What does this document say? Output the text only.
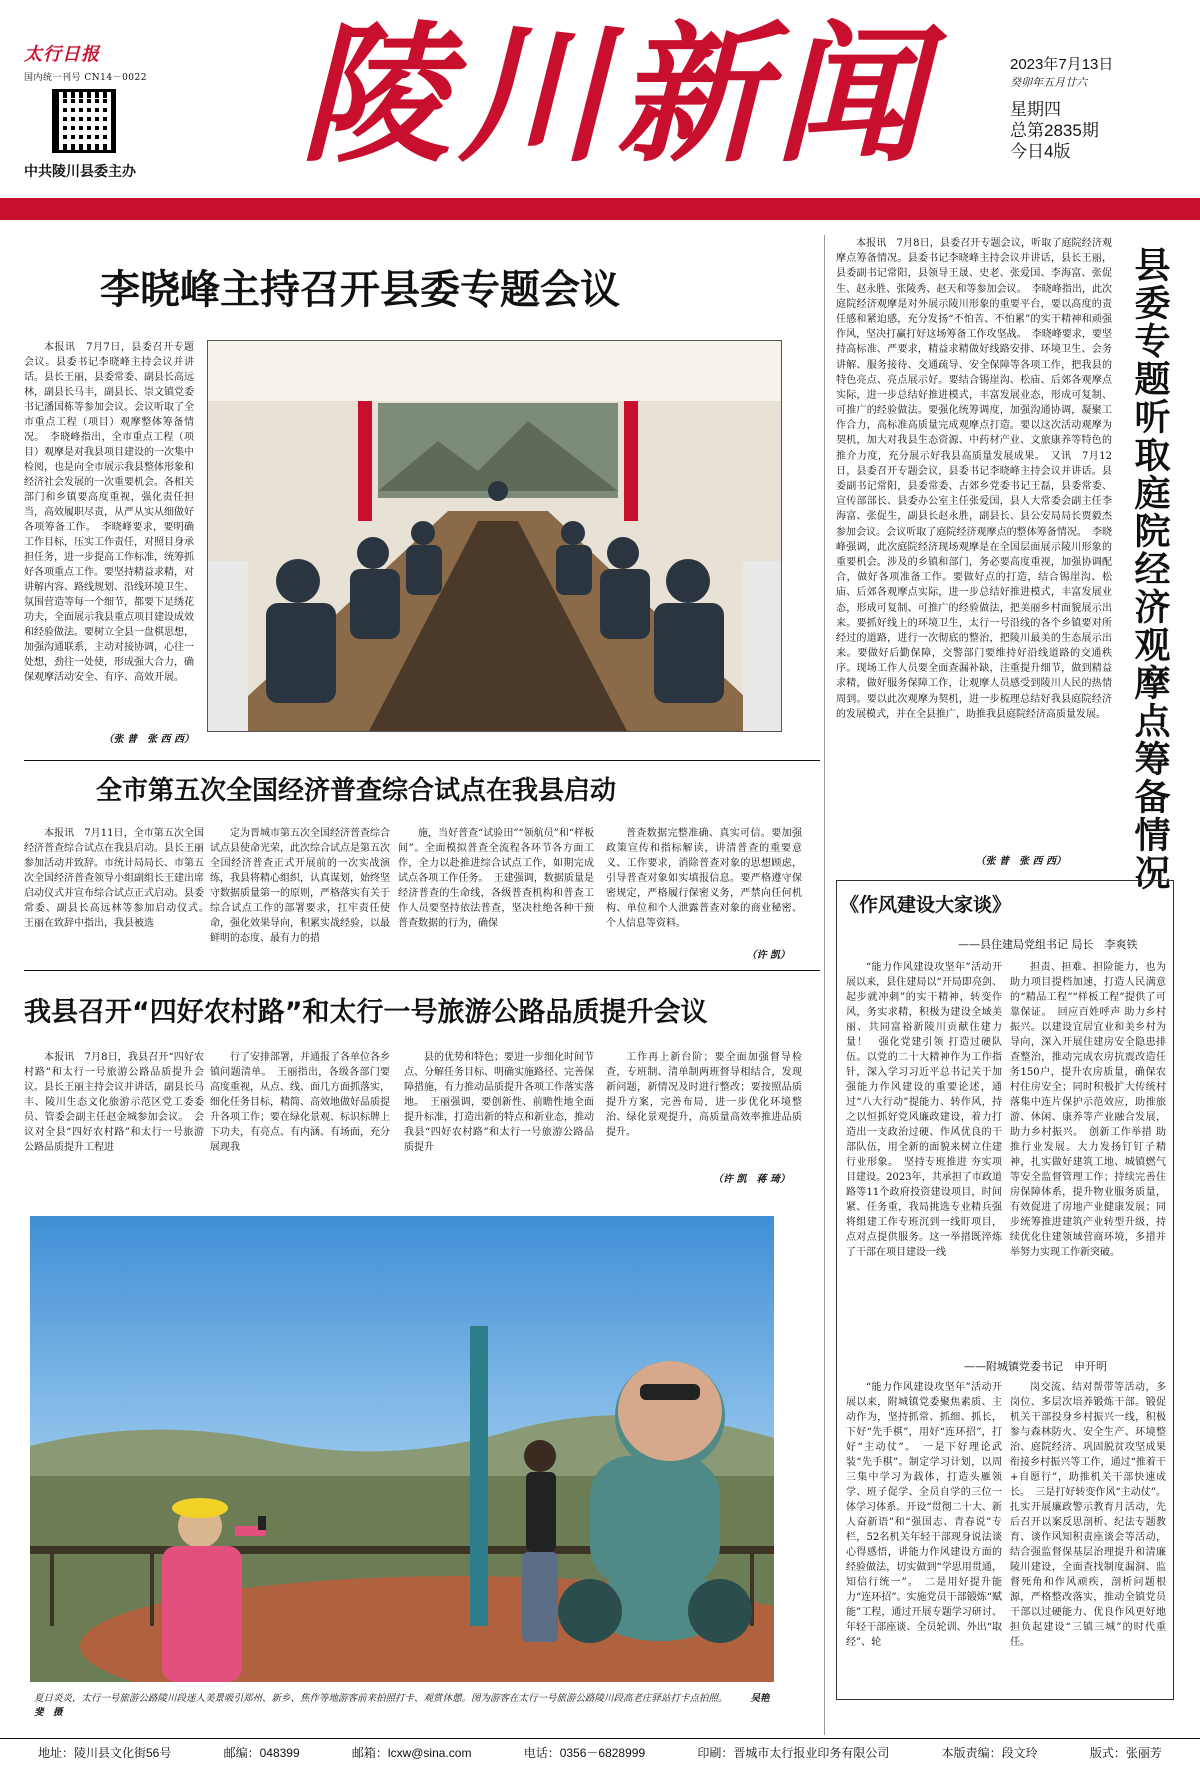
太行日报
国内统一刊号 CN14－0022
中共陵川县委主办 陵川新闻	2023年7月13日
癸卯年五月廿六
星期四
总第2835期
今日4版
李晓峰主持召开县委专题会议

本报讯　7月7日，县委召开专题会议。县委书记李晓峰主持会议并讲话。县长王丽，县委常委、副县长高远林，副县长马丰，副县长、崇文镇党委书记潘国栋等参加会议。会议听取了全市重点工程（项目）观摩整体筹备情况。　李晓峰指出，全市重点工程（项目）观摩是对我县项目建设的一次集中检阅，也是向全市展示我县整体形象和经济社会发展的一次重要机会。各相关部门和乡镇要高度重视，强化责任担当，高效履职尽责，从严从实从细做好各项筹备工作。　李晓峰要求，要明确工作目标，压实工作责任，对照目身承担任务，进一步提高工作标准，统筹抓好各项重点工作。要坚持精益求精，对讲解内容、路线规划、沿线环境卫生、氛围营造等每一个细节，都要下足绣花功夫，全面展示我县重点项目建设成效和经验做法。要树立全县一盘棋思想，加强沟通联系，主动对接协调，心往一处想，劲往一处使，形成强大合力，确保观摩活动安全、有序、高效开展。

（张 普　张 西 西）
全市第五次全国经济普查综合试点在我县启动

本报讯　7月11日，全市第五次全国经济普查综合试点在我县启动。县长王丽参加活动并致辞。市统计局局长、市第五次全国经济普查领导小组副组长王建出席启动仪式并宣布综合试点正式启动。县委常委、副县长高远林等参加启动仪式。　王丽在致辞中指出，我县被选

定为晋城市第五次全国经济普查综合试点县使命光荣，此次综合试点是第五次全国经济普查正式开展前的一次实战演练，我县将精心组织，认真谋划，始终坚守数据质量第一的原则，严格落实有关于综合试点工作的部署要求，扛牢责任使命，强化效果导向，积累实战经验，以最鲜明的态度、最有力的措

施，当好普查“试验田”“领航员”和“样板间”。全面模拟普查全流程各环节各方面工作，全力以赴推进综合试点工作，如期完成试点各项工作任务。　王建强调，数据质量是经济普查的生命线，各级普查机构和普查工作人员要坚持依法普查，坚决杜绝各种干预普查数据的行为，确保

普查数据完整准确、真实可信。要加强政策宣传和指标解读，讲清普查的重要意义、工作要求，消除普查对象的思想顾虑，引导普查对象如实填报信息。要严格遵守保密规定，严格履行保密义务，严禁向任何机构、单位和个人泄露普查对象的商业秘密、个人信息等资料。

（许 凯）
我县召开“四好农村路”和太行一号旅游公路品质提升会议

本报讯　7月8日，我县召开“四好农村路”和太行一号旅游公路品质提升会议。县长王丽主持会议并讲话，副县长马丰、陵川生态文化旅游示范区党工委委员、管委会副主任赵金城参加会议。　会议对全县“四好农村路”和太行一号旅游公路品质提升工程进

行了安排部署，并通报了各单位各乡镇问题清单。　王丽指出，各级各部门要高度重视，从点、线、面几方面抓落实，细化任务目标，精简、高效地做好品质提升各项工作；要在绿化景观、标识标牌上下功夫，有亮点、有内涵、有场面，充分展现我

县的优势和特色；要进一步细化时间节点、分解任务目标、明确实施路径、完善保障措施，有力推动品质提升各项工作落实落地。　王丽强调，要创新性、前瞻性地全面提升标准，打造出新的特点和新业态，推动我县“四好农村路”和太行一号旅游公路品质提升

工作再上新台阶；要全面加强督导检查，专班制、清单制两班督导相结合，发现新问题，新情况及时进行整改；要按照品质提升方案，完善布局，进一步优化环境整治、绿化景观提升，高质量高效率推进品质提升。

（许 凯　蒋 琦）
夏日炎炎，太行一号旅游公路陵川段迷人美景吸引郑州、新乡、焦作等地游客前来拍照打卡、观赏休憩。图为游客在太行一号旅游公路陵川段高老庄驿站打卡点拍照。 吴艳斐　摄

本报讯　7月8日，县委召开专题会议，听取了庭院经济观摩点筹备情况。县委书记李晓峰主持会议并讲话，县长王丽，县委副书记常阳，县领导王晟、史老、张爱国、李海富、张促生、赵永胜、张陵秀、赵天和等参加会议。　李晓峰指出，此次庭院经济观摩是对外展示陵川形象的重要平台，要以高度的责任感和紧迫感，充分发扬“不怕苦、不怕累”的实干精神和顽强作风，坚决打赢打好这场筹备工作攻坚战。　李晓峰要求，要坚持高标准、严要求，精益求精做好线路安排、环境卫生、会务讲解、服务接待、交通疏导、安全保障等各项工作，把我县的特色亮点、亮点展示好。要结合锡崖沟、松庙、后郊各观摩点实际，进一步总结好推进模式，丰富发展业态，形成可复制、可推广的经验做法。要强化统筹调度，加强沟通协调，凝聚工作合力，高标准高质量完成观摩点打造。要以这次活动观摩为契机，加大对我县生态资源、中药材产业、文旅康养等特色的推介力度，充分展示好我县高质量发展成果。　又讯　7月12日，县委召开专题会议，县委书记李晓峰主持会议并讲话。县委副书记常阳，县委常委、古郊乡党委书记王磊，县委常委、宣传部部长、县委办公室主任张爱国，县人大常委会副主任李海富、张促生，副县长赵永胜，副县长、县公安局局长贾毅杰参加会议。会议听取了庭院经济观摩点的整体筹备情况。　李晓峰强调，此次庭院经济现场观摩是在全国层面展示陵川形象的重要机会。涉及的乡镇和部门，务必要高度重视，加强协调配合，做好各项准备工作。要做好点的打造，结合锡崖沟、松庙、后郊各观摩点实际，进一步总结好推进模式，丰富发展业态，形成可复制、可推广的经验做法，把美丽乡村面貌展示出来。要抓好线上的环境卫生，太行一号沿线的各个乡镇要对所经过的道路，进行一次彻底的整治，把陵川最美的生态展示出来。要做好后勤保障，交警部门要维持好沿线道路的交通秩序。现场工作人员要全面查漏补缺，注重提升细节，做到精益求精，做好服务保障工作，让观摩人员感受到陵川人民的热情周到。要以此次观摩为契机，进一步梳理总结好我县庭院经济的发展模式，并在全县推广，助推我县庭院经济高质量发展。

（张 普　张 西 西） 县委专题听取庭院经济观摩点筹备情况
《作风建设大家谈》
——县住建局党组书记 局长　李爽铁

“能力作风建设攻坚年”活动开展以来，县住建局以“开局即亮剑、起步就冲刺”的实干精神，转变作风，务实求精，积极为建设全域美丽、共同富裕新陵川贡献住建力量！　强化党建引领 打造过硬队伍。以党的二十大精神作为工作指针，深入学习习近平总书记关于加强能力作风建设的重要论述，通过“八大行动”提能力、转作风，持之以恒抓好党风廉政建设，着力打造出一支政治过硬、作风优良的干部队伍，用全新的面貌来树立住建行业形象。　坚持专班推进 夯实项目建设。2023年，共承担了市政道路等11个政府投资建设项目，时间紧、任务重，我局挑选专业精兵强将组建工作专班沉到一线盯项目，点对点提供服务。这一举措既淬炼了干部在项目建设一线

担责、担难、担险能力，也为助力项目提档加速，打造人民满意的“精品工程”“样板工程”提供了可靠保证。　回应百姓呼声 助力乡村振兴。以建设宜居宜业和美乡村为导向，深入开展住建房安全隐患排查整治，推动完成农房抗震改造任务150户，提升农房质量，确保农村住房安全；同时积极扩大传统村落集中连片保护示范效应，助推旅游、休闲、康养等产业融合发展，助力乡村振兴。　创新工作举措 助推行业发展。大力发扬钉钉子精神，扎实做好建筑工地、城镇燃气等安全监督管理工作；持续完善住房保障体系，提升物业服务质量，有效促进了房地产业健康发展；同步统筹推进建筑产业转型升级，持续优化住建领域营商环境，多措并举努力实现工作新突破。

——附城镇党委书记　申开明

“能力作风建设攻坚年”活动开展以来，附城镇党委聚焦素质、主动作为，坚持抓常、抓细、抓长，下好“先手棋”，用好“连环招”，打好“主动仗”。　一是下好理论武装“先手棋”。制定学习计划，以周三集中学习为载体，打造头雁领学、班子促学、全员自学的三位一体学习体系。开设“贯彻二十大、新人奋新语”和“强国志、青春说”专栏，52名机关年轻干部现身说法谈心得感悟，讲能力作风建设方面的经验做法，切实做到“学思用贯通，知信行统一”。　二是用好提升能力“连环招”。实施党员干部锻炼“赋能”工程，通过开展专题学习研讨、年轻干部座谈、全员轮训、外出“取经”、轮

岗交流、结对帮带等活动，多岗位、多层次培养锻炼干部。锻促机关干部投身乡村振兴一线，积极参与森林防火、安全生产、环境整治、庭院经济、巩固脱贫攻坚成果衔接乡村振兴等工作，通过“推着干+自愿行”，助推机关干部快速成长。　三是打好转变作风“主动仗”。扎实开展廉政警示教育月活动，先后召开以案反思剖析、纪法专题教育、谈作风知积责座谈会等活动，结合强监督保基层治理提升和清廉陵川建设，全面查找制度漏洞、监督死角和作风顽疾，剖析问题根源，严格整改落实，推动全镇党员干部以过硬能力、优良作风更好地担负起建设“三镇三城”的时代重任。

地址：陵川县文化街56号	邮编：048399	邮箱：lcxw@sina.com	电话：0356－6828999	印刷：晋城市太行报业印务有限公司	本版责编：段文玲	版式：张丽芳
